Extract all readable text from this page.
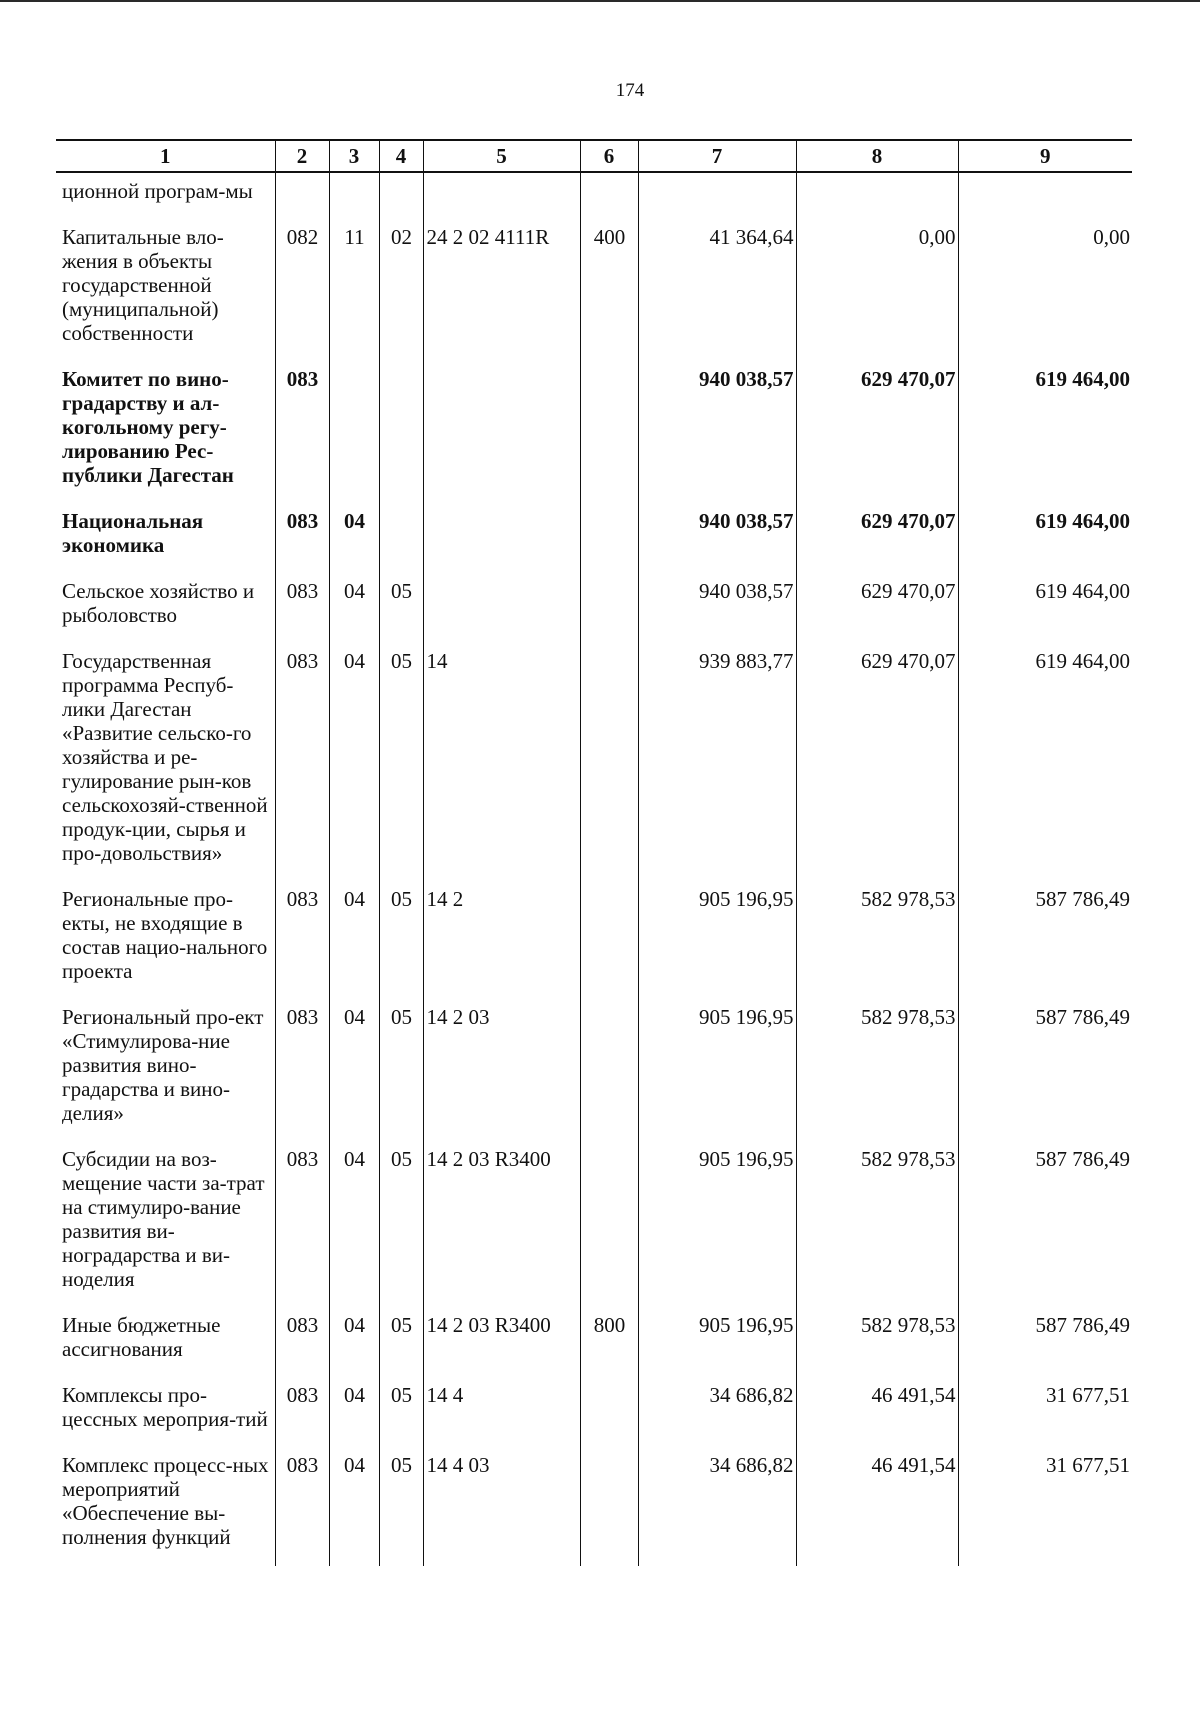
174
1	2	3	4	5	6	7	8	9
ционной програм-мы								
Капитальные вло-жения в объекты государственной (муниципальной) собственности	082	11	02	24 2 02 4111R	400	41 364,64	0,00	0,00
Комитет по вино-градарству и ал-когольному регу-лированию Рес-публики Дагестан	083					940 038,57	629 470,07	619 464,00
Национальная экономика	083	04				940 038,57	629 470,07	619 464,00
Сельское хозяйство и рыболовство	083	04	05			940 038,57	629 470,07	619 464,00
Государственная программа Респуб-лики Дагестан «Развитие сельско-го хозяйства и ре-гулирование рын-ков сельскохозяй-ственной продук-ции, сырья и про-довольствия»	083	04	05	14		939 883,77	629 470,07	619 464,00
Региональные про-екты, не входящие в состав нацио-нального проекта	083	04	05	14 2		905 196,95	582 978,53	587 786,49
Региональный про-ект «Стимулирова-ние развития вино-градарства и вино-делия»	083	04	05	14 2 03		905 196,95	582 978,53	587 786,49
Субсидии на воз-мещение части за-трат на стимулиро-вание развития ви-ноградарства и ви-ноделия	083	04	05	14 2 03 R3400		905 196,95	582 978,53	587 786,49
Иные бюджетные ассигнования	083	04	05	14 2 03 R3400	800	905 196,95	582 978,53	587 786,49
Комплексы про-цессных мероприя-тий	083	04	05	14 4		34 686,82	46 491,54	31 677,51
Комплекс процесс-ных мероприятий «Обеспечение вы-полнения функций	083	04	05	14 4 03		34 686,82	46 491,54	31 677,51
